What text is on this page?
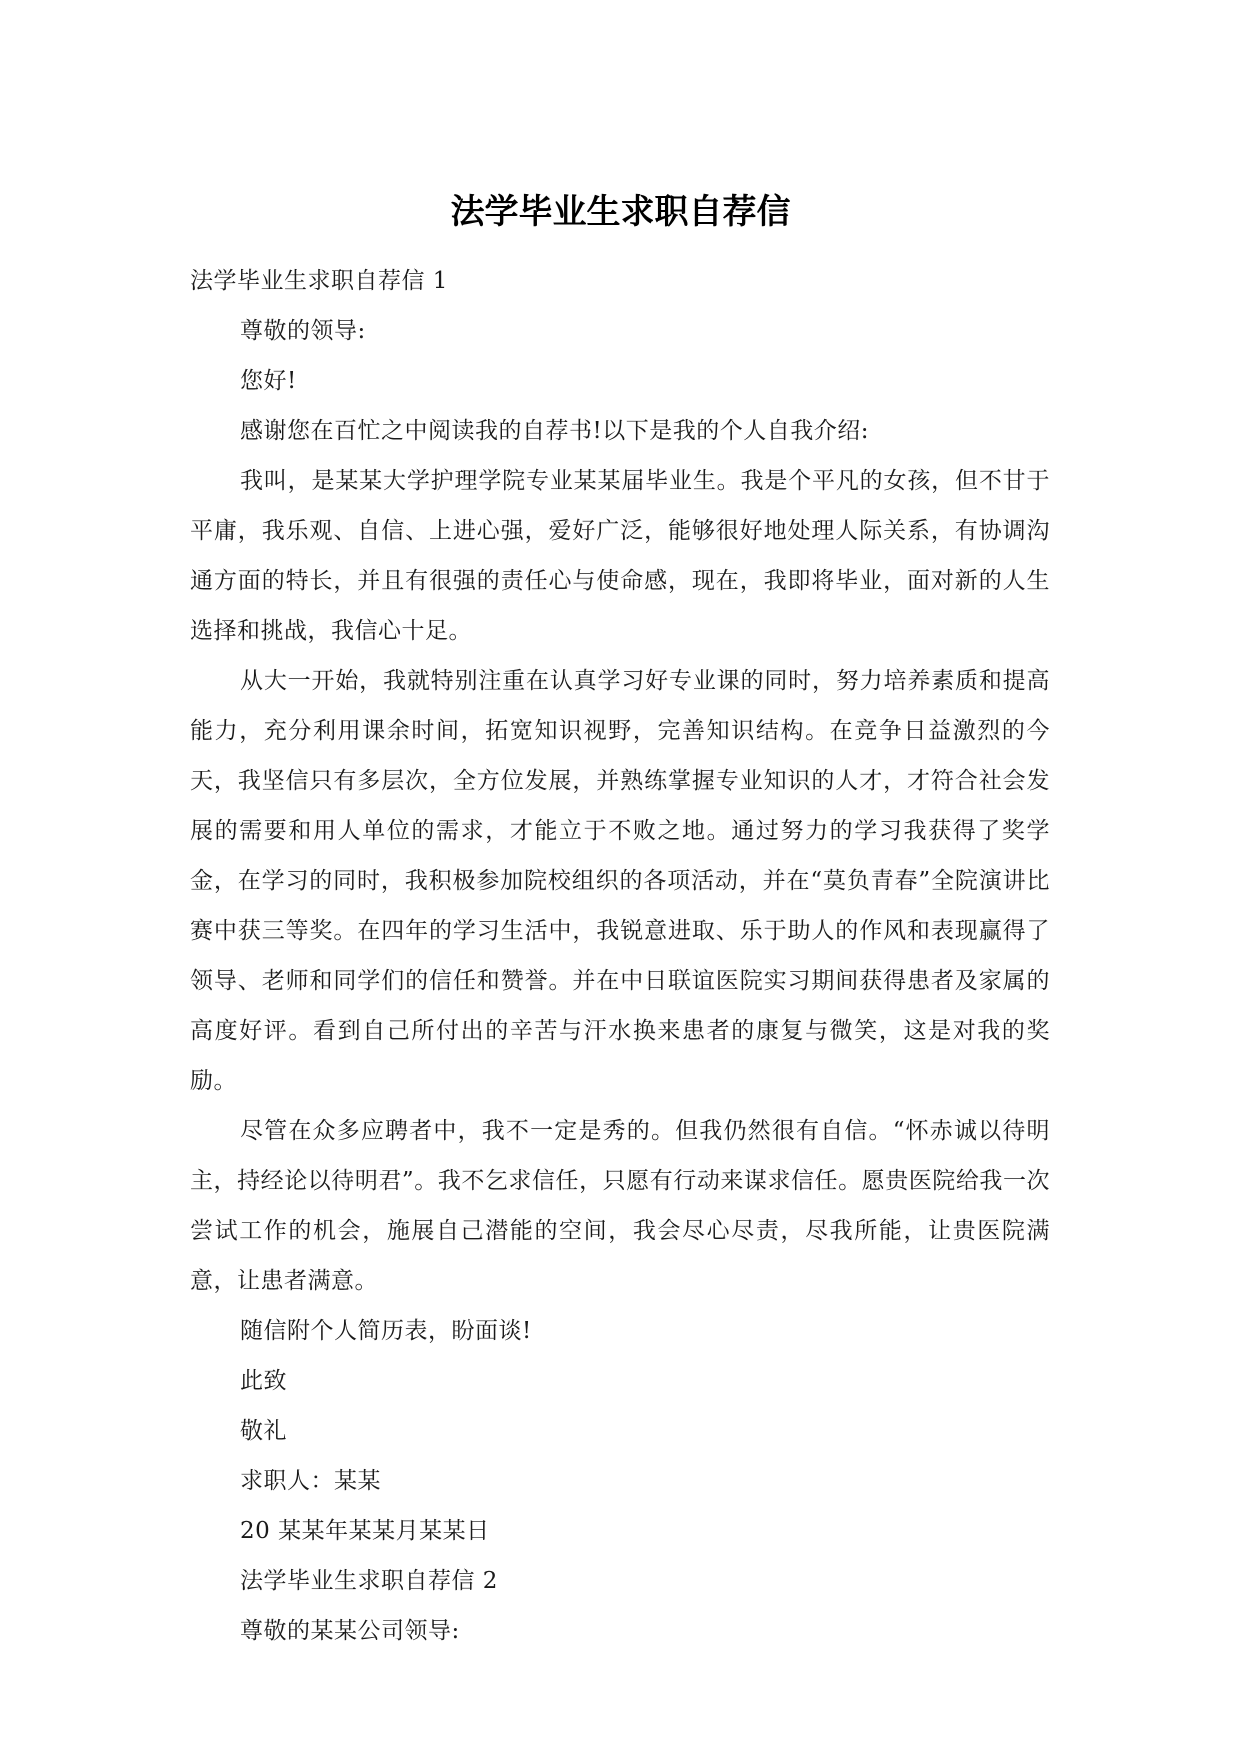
法学毕业生求职自荐信

法学毕业生求职自荐信 1

尊敬的领导:

您好!

感谢您在百忙之中阅读我的自荐书!以下是我的个人自我介绍:

我叫，是某某大学护理学院专业某某届毕业生。我是个平凡的女孩，但不甘于平庸，我乐观、自信、上进心强，爱好广泛，能够很好地处理人际关系，有协调沟通方面的特长，并且有很强的责任心与使命感，现在，我即将毕业，面对新的人生选择和挑战，我信心十足。

从大一开始，我就特别注重在认真学习好专业课的同时，努力培养素质和提高能力，充分利用课余时间，拓宽知识视野，完善知识结构。在竞争日益激烈的今天，我坚信只有多层次，全方位发展，并熟练掌握专业知识的人才，才符合社会发展的需要和用人单位的需求，才能立于不败之地。通过努力的学习我获得了奖学金，在学习的同时，我积极参加院校组织的各项活动，并在“莫负青春”全院演讲比赛中获三等奖。在四年的学习生活中，我锐意进取、乐于助人的作风和表现赢得了领导、老师和同学们的信任和赞誉。并在中日联谊医院实习期间获得患者及家属的高度好评。看到自己所付出的辛苦与汗水换来患者的康复与微笑，这是对我的奖励。

尽管在众多应聘者中，我不一定是秀的。但我仍然很有自信。“怀赤诚以待明主，持经论以待明君”。我不乞求信任，只愿有行动来谋求信任。愿贵医院给我一次尝试工作的机会，施展自己潜能的空间，我会尽心尽责，尽我所能，让贵医院满意，让患者满意。

随信附个人简历表，盼面谈!

此致

敬礼

求职人：某某

20 某某年某某月某某日

法学毕业生求职自荐信 2

尊敬的某某公司领导:
